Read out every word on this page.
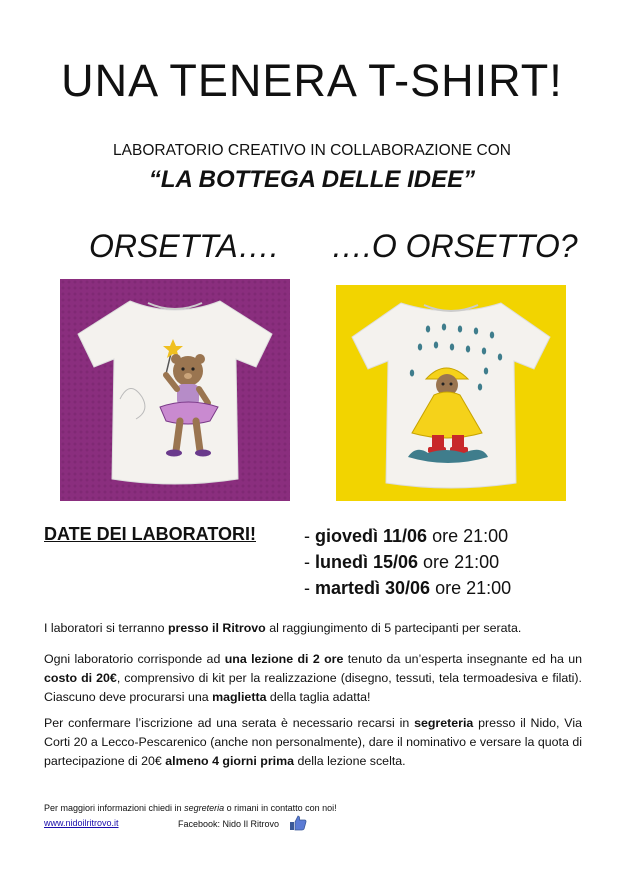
UNA TENERA T-SHIRT!
LABORATORIO CREATIVO IN COLLABORAZIONE CON
“LA BOTTEGA DELLE IDEE”
ORSETTA…. ….O ORSETTO?
DATE DEI LABORATORI!	- giovedì 11/06 ore 21:00
- lunedì 15/06 ore 21:00
- martedì 30/06 ore 21:00
I laboratori si terranno presso il Ritrovo al raggiungimento di 5 partecipanti per serata.
Ogni laboratorio corrisponde ad una lezione di 2 ore tenuto da un’esperta insegnante ed ha un costo di 20€, comprensivo di kit per la realizzazione (disegno, tessuti, tela termoadesiva e filati). Ciascuno deve procurarsi una maglietta della taglia adatta!
Per confermare l’iscrizione ad una serata è necessario recarsi in segreteria presso il Nido, Via Corti 20 a Lecco-Pescarenico (anche non personalmente), dare il nominativo e versare la quota di partecipazione di 20€ almeno 4 giorni prima della lezione scelta.
Per maggiori informazioni chiedi in segreteria o rimani in contatto con noi!
www.nidoilritrovo.it	Facebook: Nido Il Ritrovo
